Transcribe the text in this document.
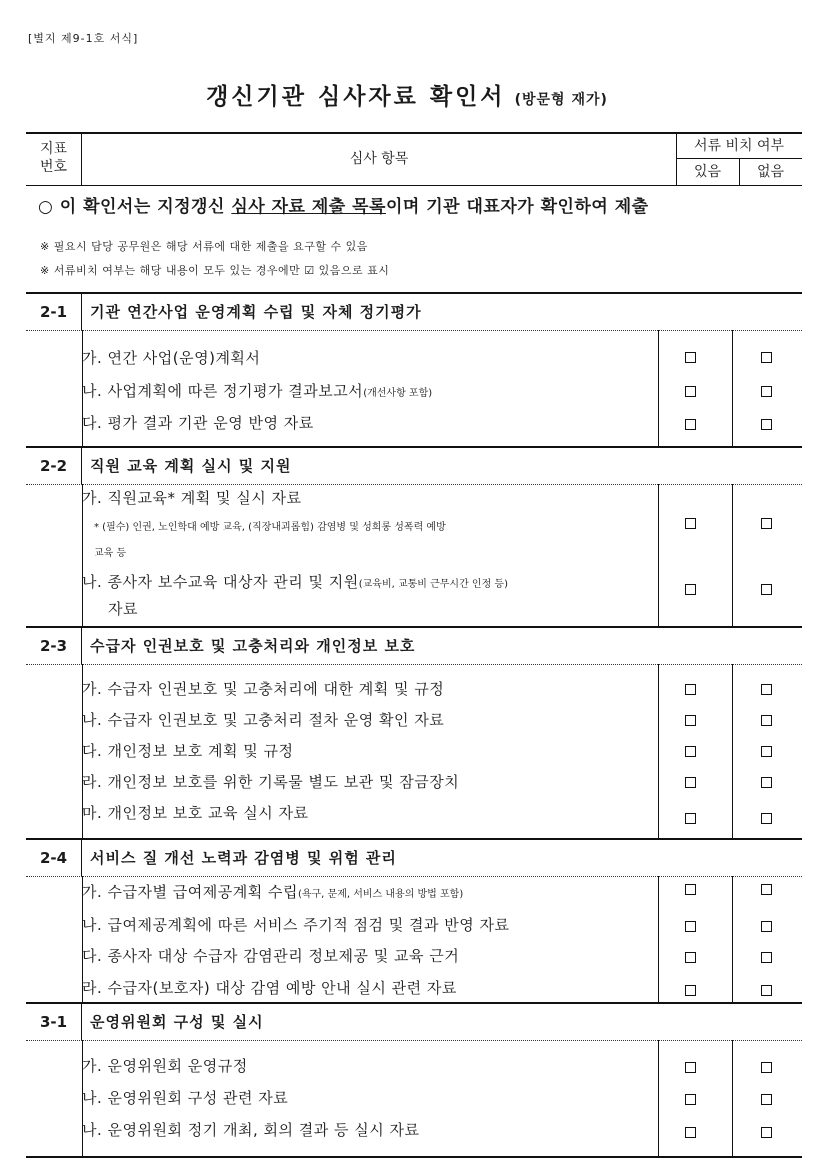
[별지 제9-1호 서식]
갱신기관 심사자료 확인서 (방문형 재가)
지표
번호	심사 항목
서류 비치 여부
있음	없음
○ 이 확인서는 지정갱신 심사 자료 제출 목록이며 기관 대표자가 확인하여 제출
※ 필요시 담당 공무원은 해당 서류에 대한 제출을 요구할 수 있음
※ 서류비치 여부는 해당 내용이 모두 있는 경우에만 ☑ 있음으로 표시
2-1	기관 연간사업 운영계획 수립 및 자체 정기평가
가. 연간 사업(운영)계획서
나. 사업계획에 따른 정기평가 결과보고서(개선사항 포함)
다. 평가 결과 기관 운영 반영 자료
2-2	직원 교육 계획 실시 및 지원
가. 직원교육* 계획 및 실시 자료
* (필수) 인권, 노인학대 예방 교육, (직장내괴롭힘) 감염병 및 성희롱 성폭력 예방
교육 등
나. 종사자 보수교육 대상자 관리 및 지원(교육비, 교통비 근무시간 인정 등)
자료
2-3	수급자 인권보호 및 고충처리와 개인정보 보호
가. 수급자 인권보호 및 고충처리에 대한 계획 및 규정
나. 수급자 인권보호 및 고충처리 절차 운영 확인 자료
다. 개인정보 보호 계획 및 규정
라. 개인정보 보호를 위한 기록물 별도 보관 및 잠금장치
마. 개인정보 보호 교육 실시 자료
2-4	서비스 질 개선 노력과 감염병 및 위험 관리
가. 수급자별 급여제공계획 수립(욕구, 문제, 서비스 내용의 방법 포함)
나. 급여제공계획에 따른 서비스 주기적 점검 및 결과 반영 자료
다. 종사자 대상 수급자 감염관리 정보제공 및 교육 근거
라. 수급자(보호자) 대상 감염 예방 안내 실시 관련 자료
3-1	운영위원회 구성 및 실시
가. 운영위원회 운영규정
나. 운영위원회 구성 관련 자료
나. 운영위원회 정기 개최, 회의 결과 등 실시 자료
